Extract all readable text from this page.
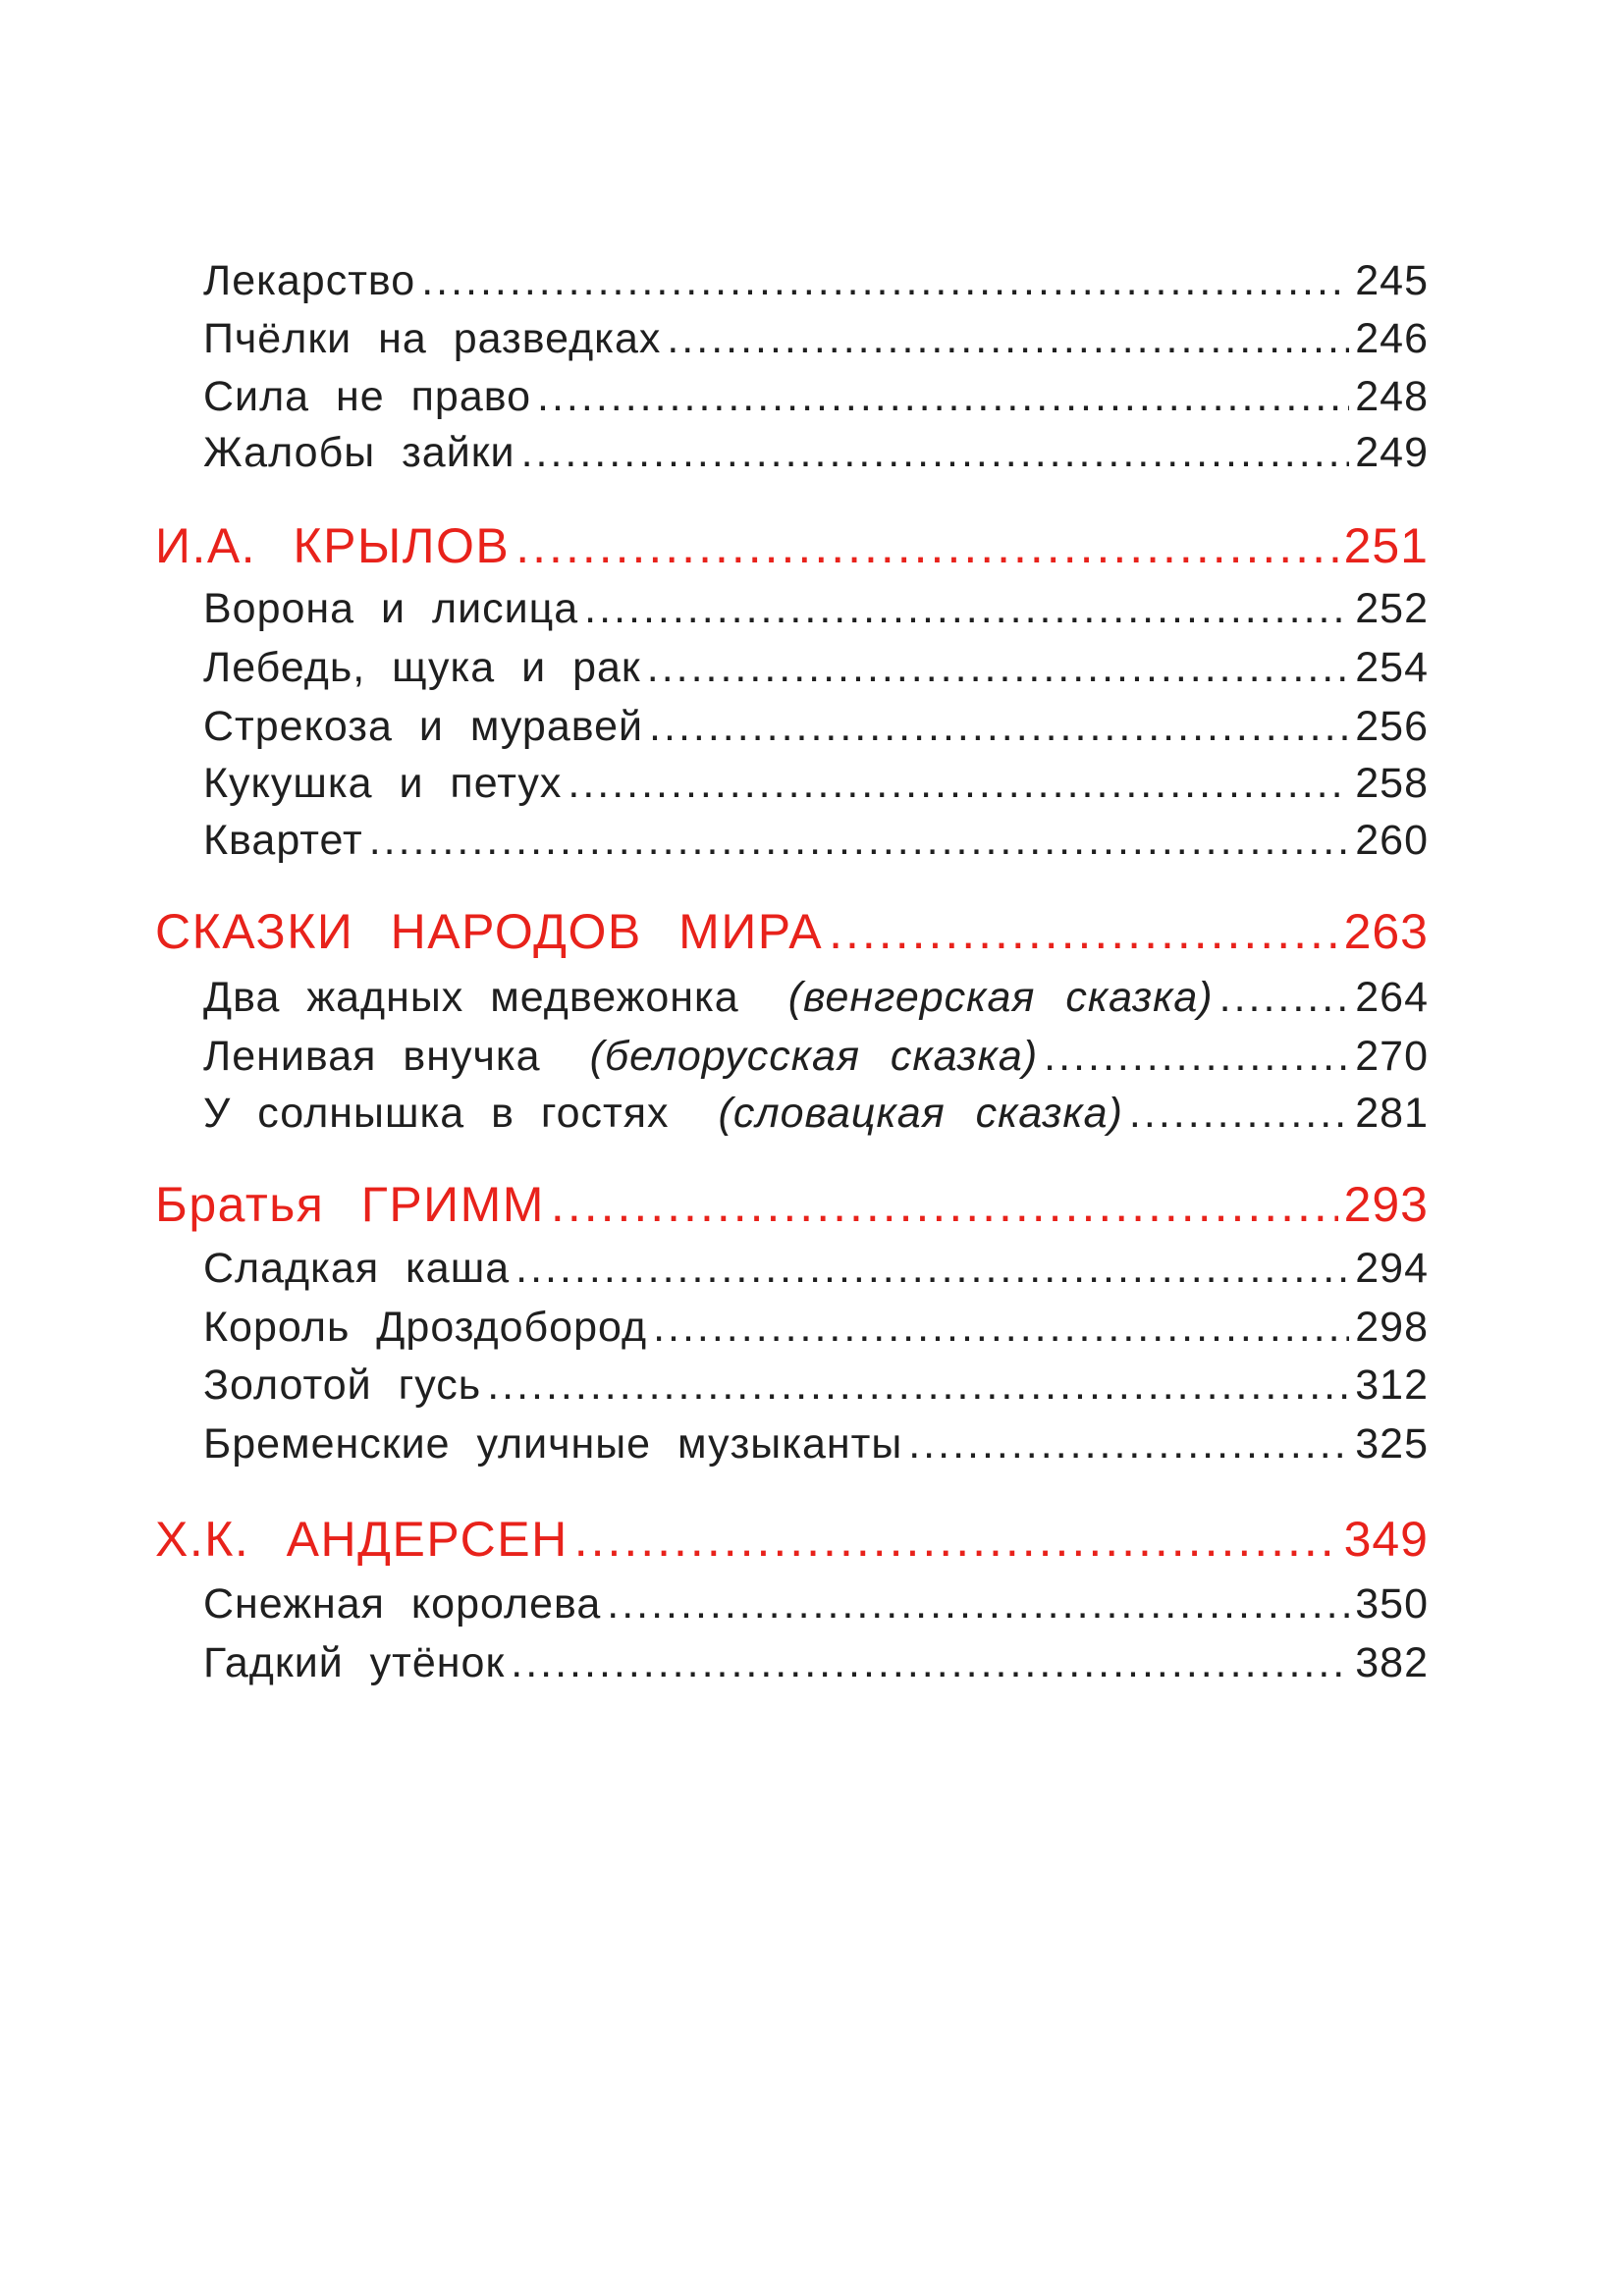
Лекарство .....	245
Пчёлки на разведках .....	246
Сила не право .....	248
Жалобы зайки .....	249
И.А. КРЫЛОВ .....	251
Ворона и лисица .....	252
Лебедь, щука и рак .....	254
Стрекоза и муравей .....	256
Кукушка и петух .....	258
Квартет .....	260
СКАЗКИ НАРОДОВ МИРА .....	263
Два жадных медвежонка (венгерская сказка) .....	264
Ленивая внучка (белорусская сказка) .....	270
У солнышка в гостях (словацкая сказка) .....	281
Братья ГРИММ .....	293
Сладкая каша .....	294
Король Дроздобород .....	298
Золотой гусь .....	312
Бременские уличные музыканты .....	325
Х.К. АНДЕРСЕН .....	349
Снежная королева .....	350
Гадкий утёнок .....	382
